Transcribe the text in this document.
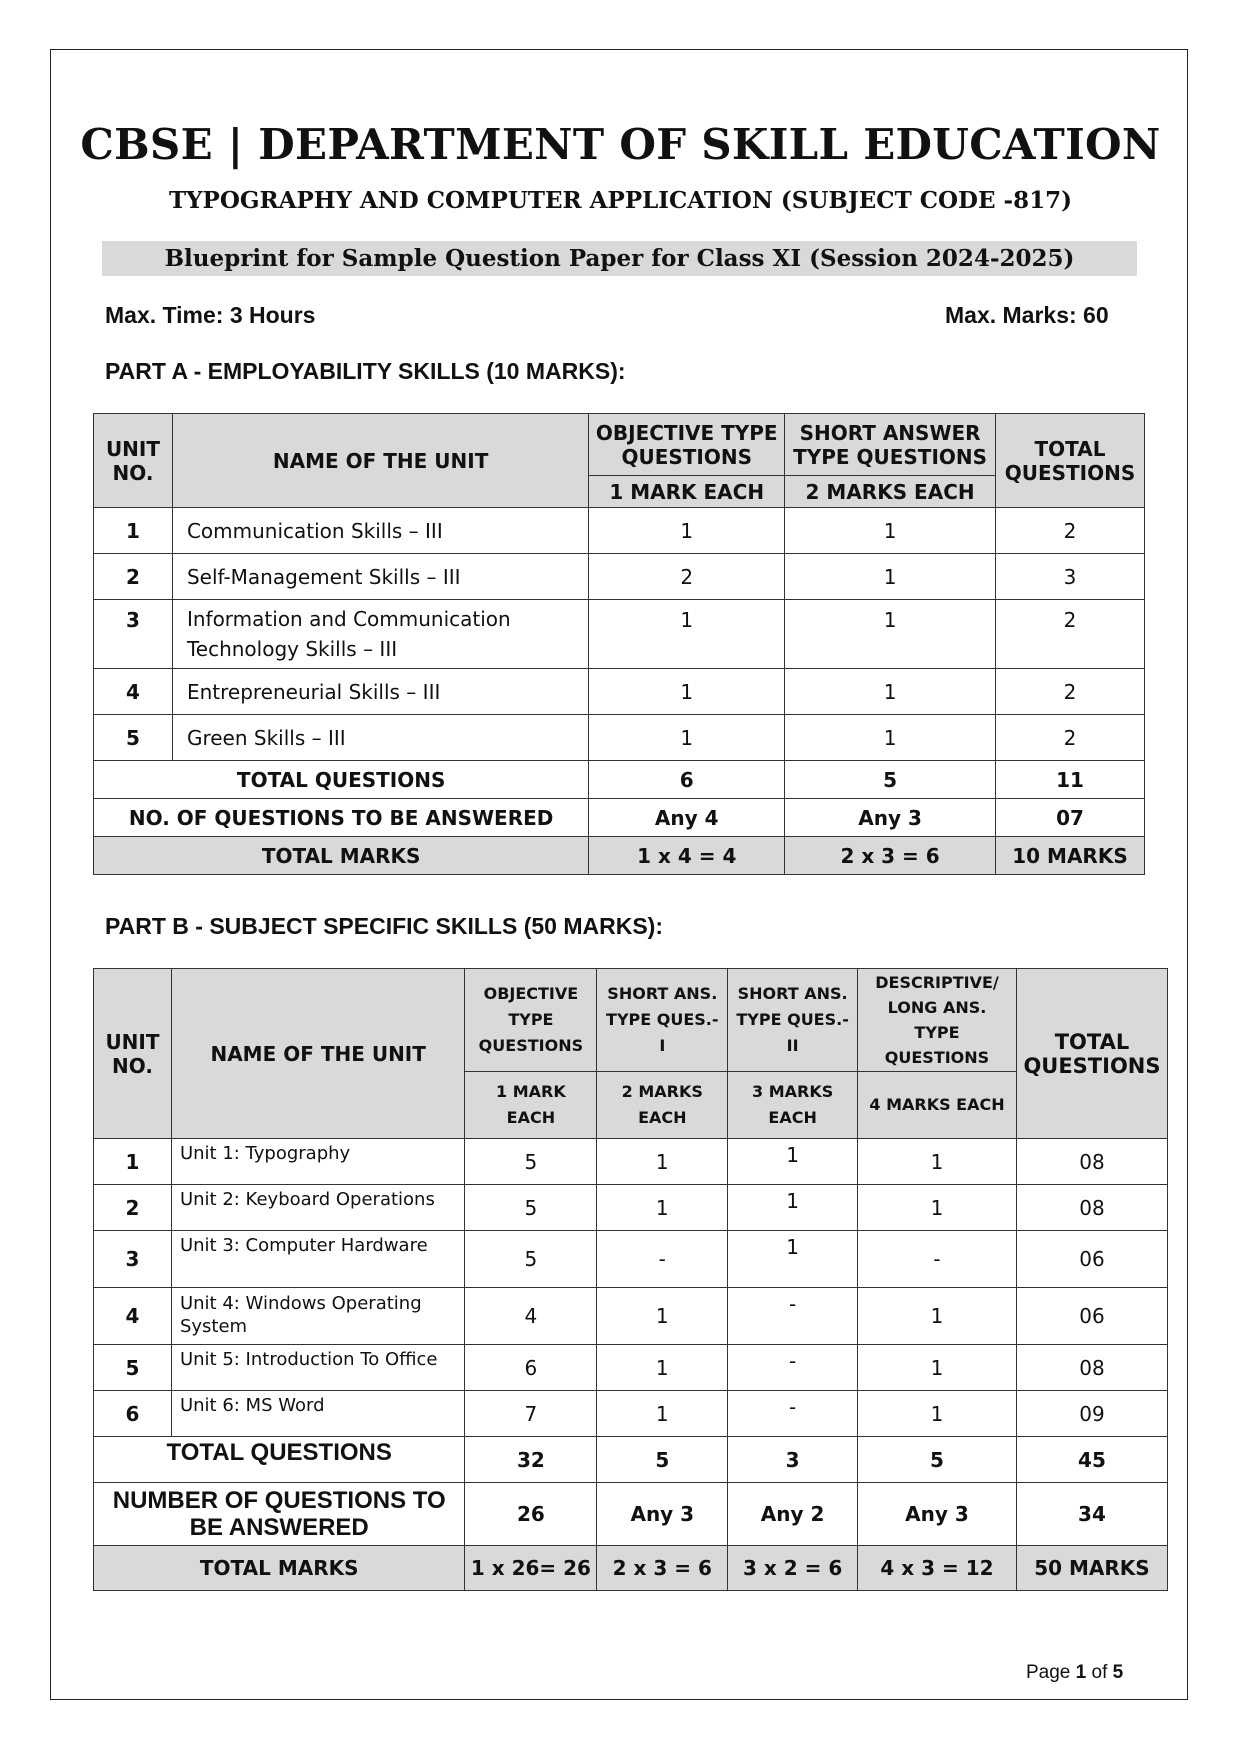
CBSE | DEPARTMENT OF SKILL EDUCATION
TYPOGRAPHY AND COMPUTER APPLICATION (SUBJECT CODE -817)
Blueprint for Sample Question Paper for Class XI (Session 2024-2025)
Max. Time: 3 Hours	Max. Marks: 60
PART A - EMPLOYABILITY SKILLS (10 MARKS):
UNIT NO.	NAME OF THE UNIT	OBJECTIVE TYPE QUESTIONS	SHORT ANSWER TYPE QUESTIONS	TOTAL QUESTIONS
		1 MARK EACH	2 MARKS EACH	
1	Communication Skills – III	1	1	2
2	Self-Management Skills – III	2	1	3
3	Information and Communication Technology Skills – III	1	1	2
4	Entrepreneurial Skills – III	1	1	2
5	Green Skills – III	1	1	2
TOTAL QUESTIONS		6	5	11
NO. OF QUESTIONS TO BE ANSWERED		Any 4	Any 3	07
TOTAL MARKS		1 x 4 = 4	2 x 3 = 6	10 MARKS
PART B - SUBJECT SPECIFIC SKILLS (50 MARKS):
UNIT NO.	NAME OF THE UNIT	OBJECTIVE TYPE QUESTIONS	SHORT ANS. TYPE QUES.- I	SHORT ANS. TYPE QUES.- II	DESCRIPTIVE/ LONG ANS. TYPE QUESTIONS	TOTAL QUESTIONS
		1 MARK EACH	2 MARKS EACH	3 MARKS EACH	4 MARKS EACH	
1	Unit 1: Typography	5	1	1	1	08
2	Unit 2: Keyboard Operations	5	1	1	1	08
3	Unit 3: Computer Hardware	5	-	1	-	06
4	Unit 4: Windows Operating System	4	1	-	1	06
5	Unit 5: Introduction To Office	6	1	-	1	08
6	Unit 6: MS Word	7	1	-	1	09
TOTAL QUESTIONS		32	5	3	5	45
NUMBER OF QUESTIONS TO BE ANSWERED		26	Any 3	Any 2	Any 3	34
TOTAL MARKS		1 x 26= 26	2 x 3 = 6	3 x 2 = 6	4 x 3 = 12	50 MARKS
Page 1 of 5
